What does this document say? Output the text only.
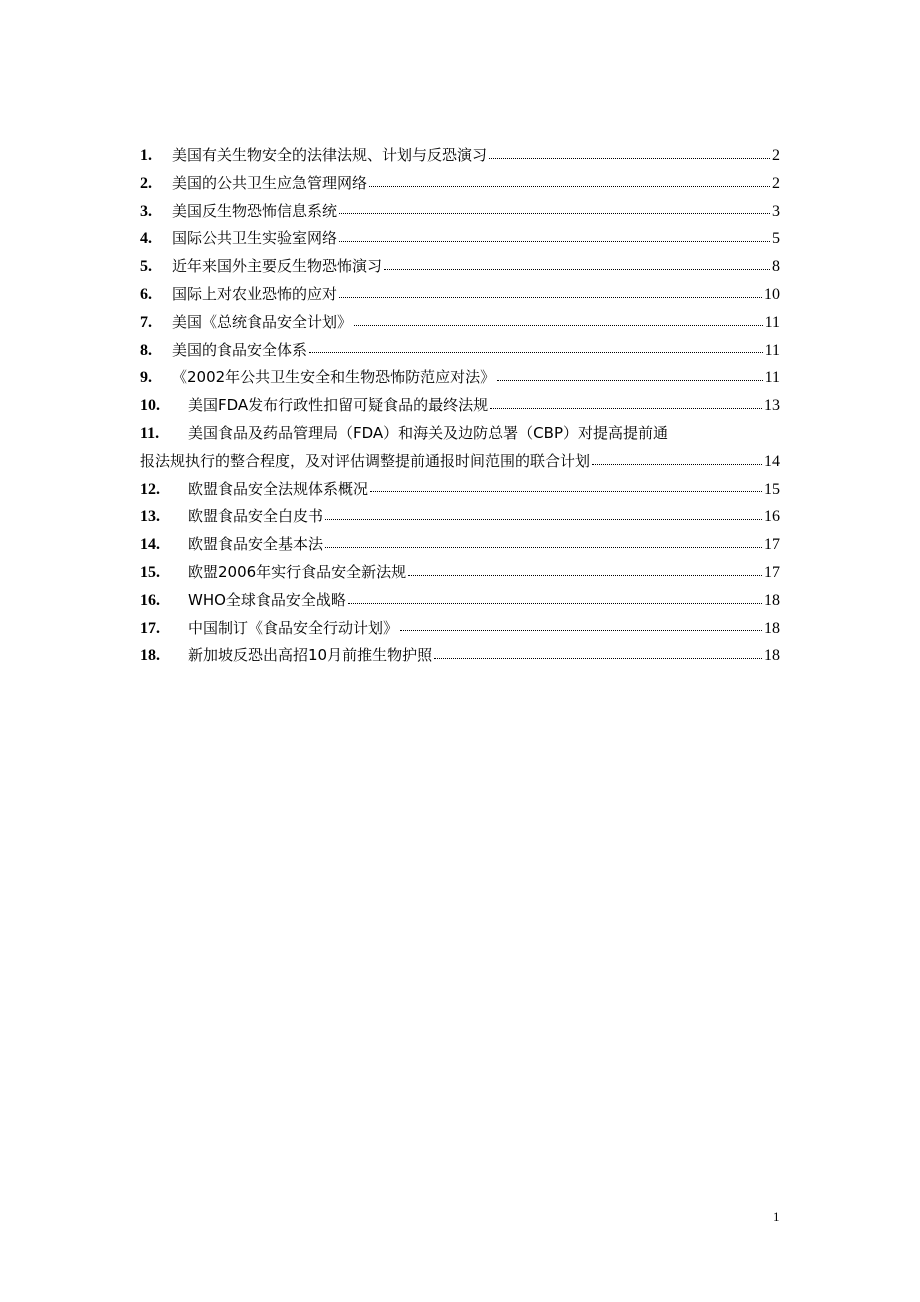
1.	美国有关生物安全的法律法规、计划与反恐演习	2
2.	美国的公共卫生应急管理网络	2
3.	美国反生物恐怖信息系统	3
4.	国际公共卫生实验室网络	5
5.	近年来国外主要反生物恐怖演习	8
6.	国际上对农业恐怖的应对	10
7.	美国《总统食品安全计划》	11
8.	美国的食品安全体系	11
9.	《2002年公共卫生安全和生物恐怖防范应对法》	11
10.	美国FDA发布行政性扣留可疑食品的最终法规	13
11.	美国食品及药品管理局（FDA）和海关及边防总署（CBP）对提高提前通
报法规执行的整合程度，及对评估调整提前通报时间范围的联合计划	14
12.	欧盟食品安全法规体系概况	15
13.	欧盟食品安全白皮书	16
14.	欧盟食品安全基本法	17
15.	欧盟2006年实行食品安全新法规	17
16.	WHO全球食品安全战略	18
17.	中国制订《食品安全行动计划》	18
18.	新加坡反恐出高招10月前推生物护照	18
1
